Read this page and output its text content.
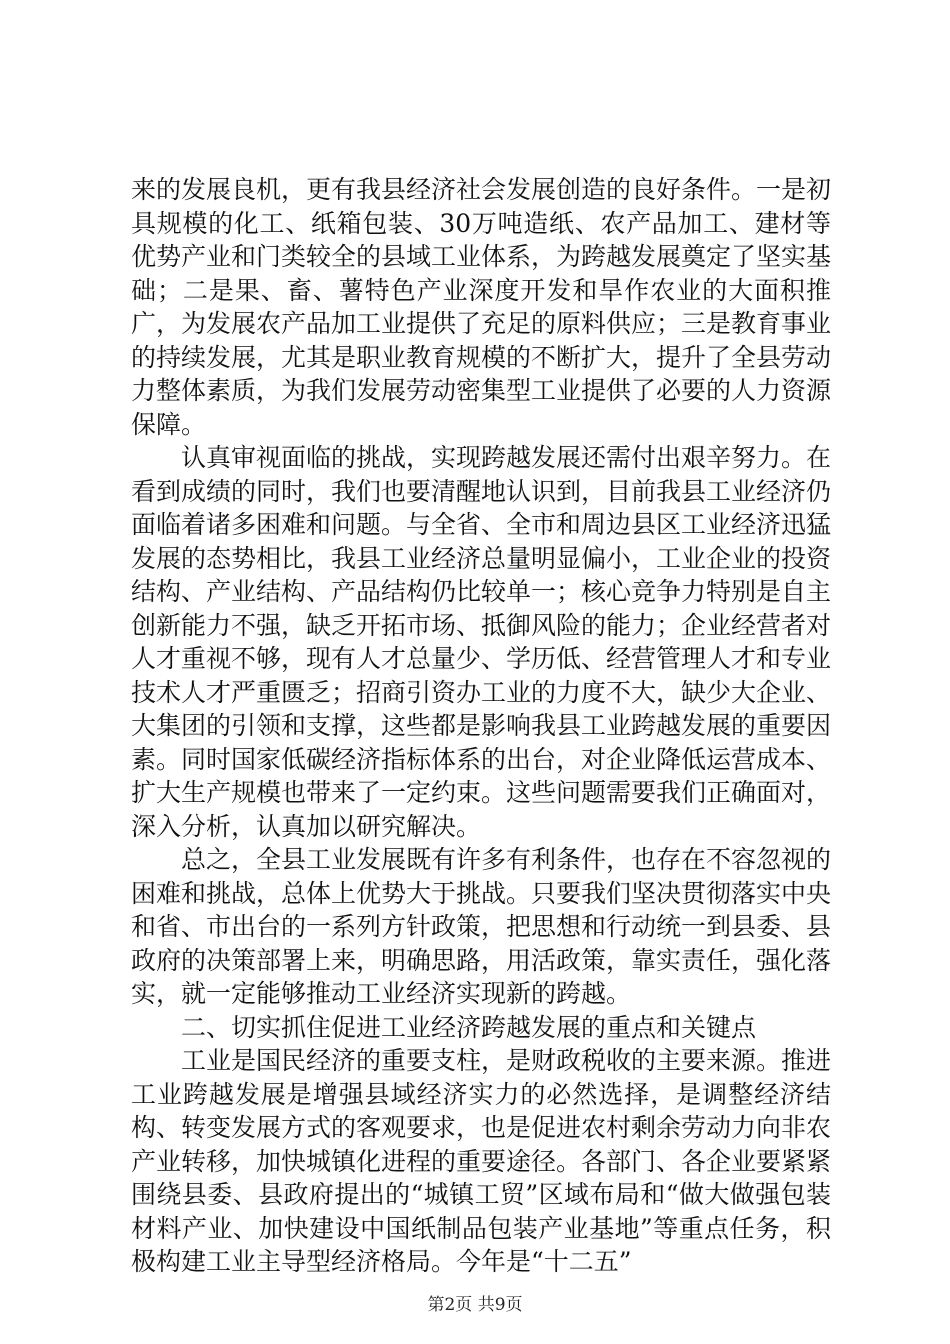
来的发展良机，更有我县经济社会发展创造的良好条件。一是初具规模的化工、纸箱包装、30万吨造纸、农产品加工、建材等优势产业和门类较全的县域工业体系，为跨越发展奠定了坚实基础；二是果、畜、薯特色产业深度开发和旱作农业的大面积推广，为发展农产品加工业提供了充足的原料供应；三是教育事业的持续发展，尤其是职业教育规模的不断扩大，提升了全县劳动力整体素质，为我们发展劳动密集型工业提供了必要的人力资源保障。

认真审视面临的挑战，实现跨越发展还需付出艰辛努力。在看到成绩的同时，我们也要清醒地认识到，目前我县工业经济仍面临着诸多困难和问题。与全省、全市和周边县区工业经济迅猛发展的态势相比，我县工业经济总量明显偏小，工业企业的投资结构、产业结构、产品结构仍比较单一；核心竞争力特别是自主创新能力不强，缺乏开拓市场、抵御风险的能力；企业经营者对人才重视不够，现有人才总量少、学历低、经营管理人才和专业技术人才严重匮乏；招商引资办工业的力度不大，缺少大企业、大集团的引领和支撑，这些都是影响我县工业跨越发展的重要因素。同时国家低碳经济指标体系的出台，对企业降低运营成本、扩大生产规模也带来了一定约束。这些问题需要我们正确面对，深入分析，认真加以研究解决。

总之，全县工业发展既有许多有利条件，也存在不容忽视的困难和挑战，总体上优势大于挑战。只要我们坚决贯彻落实中央和省、市出台的一系列方针政策，把思想和行动统一到县委、县政府的决策部署上来，明确思路，用活政策，靠实责任，强化落实，就一定能够推动工业经济实现新的跨越。

二、切实抓住促进工业经济跨越发展的重点和关键点

工业是国民经济的重要支柱，是财政税收的主要来源。推进工业跨越发展是增强县域经济实力的必然选择，是调整经济结构、转变发展方式的客观要求，也是促进农村剩余劳动力向非农产业转移，加快城镇化进程的重要途径。各部门、各企业要紧紧围绕县委、县政府提出的“城镇工贸”区域布局和“做大做强包装材料产业、加快建设中国纸制品包装产业基地”等重点任务，积极构建工业主导型经济格局。今年是“十二五”

第2页 共9页
